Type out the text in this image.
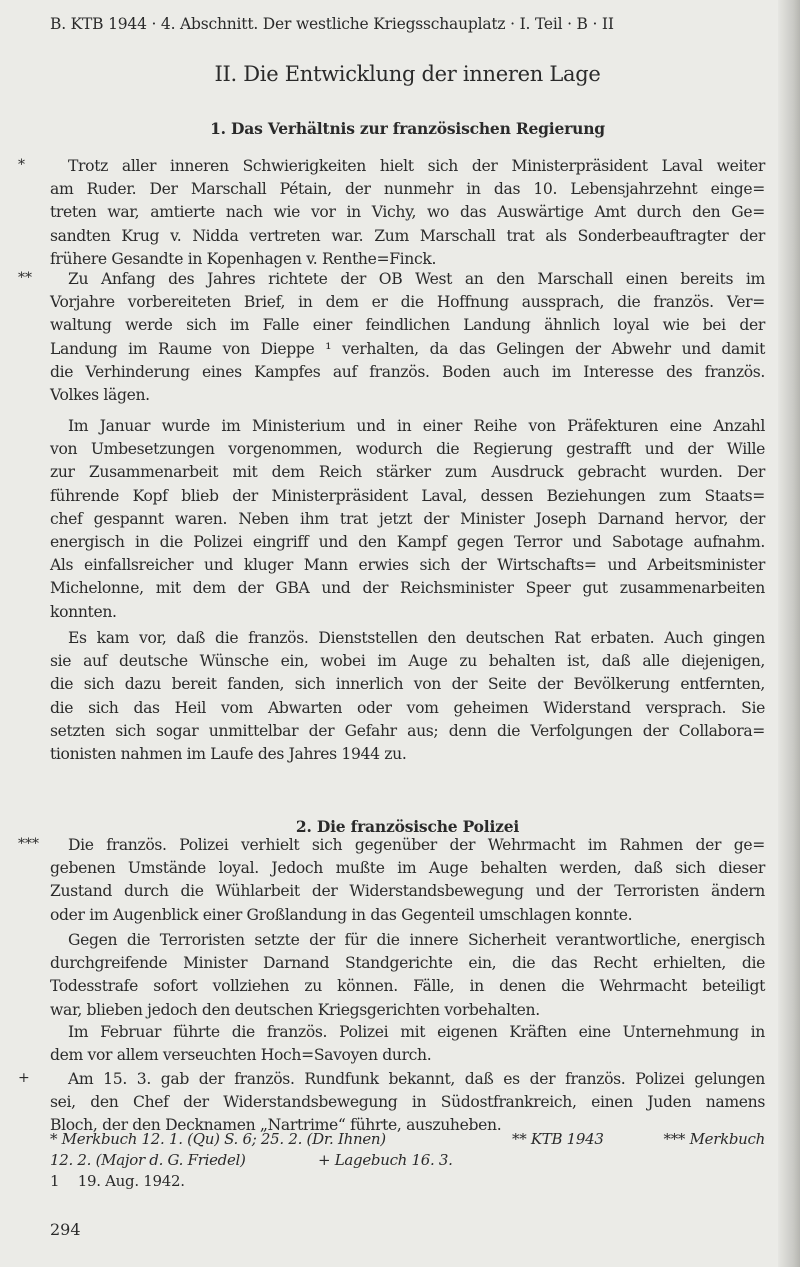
B. KTB 1944 · 4. Abschnitt. Der westliche Kriegsschauplatz · I. Teil · B · II
II. Die Entwicklung der inneren Lage
1. Das Verhältnis zur französischen Regierung
*	Trotz aller inneren Schwierigkeiten hielt sich der Ministerpräsident Laval weiter
am Ruder. Der Marschall Pétain, der nunmehr in das 10. Lebensjahrzehnt einge=
treten war, amtierte nach wie vor in Vichy, wo das Auswärtige Amt durch den Ge=
sandten Krug v. Nidda vertreten war. Zum Marschall trat als Sonderbeauftragter der
frühere Gesandte in Kopenhagen v. Renthe=Finck.
**	Zu Anfang des Jahres richtete der OB West an den Marschall einen bereits im
Vorjahre vorbereiteten Brief, in dem er die Hoffnung aussprach, die französ. Ver=
waltung werde sich im Falle einer feindlichen Landung ähnlich loyal wie bei der
Landung im Raume von Dieppe ¹ verhalten, da das Gelingen der Abwehr und damit
die Verhinderung eines Kampfes auf französ. Boden auch im Interesse des französ.
Volkes lägen.
Im Januar wurde im Ministerium und in einer Reihe von Präfekturen eine Anzahl
von Umbesetzungen vorgenommen, wodurch die Regierung gestrafft und der Wille
zur Zusammenarbeit mit dem Reich stärker zum Ausdruck gebracht wurden. Der
führende Kopf blieb der Ministerpräsident Laval, dessen Beziehungen zum Staats=
chef gespannt waren. Neben ihm trat jetzt der Minister Joseph Darnand hervor, der
energisch in die Polizei eingriff und den Kampf gegen Terror und Sabotage aufnahm.
Als einfallsreicher und kluger Mann erwies sich der Wirtschafts= und Arbeitsminister
Michelonne, mit dem der GBA und der Reichsminister Speer gut zusammenarbeiten
konnten.
Es kam vor, daß die französ. Dienststellen den deutschen Rat erbaten. Auch gingen
sie auf deutsche Wünsche ein, wobei im Auge zu behalten ist, daß alle diejenigen,
die sich dazu bereit fanden, sich innerlich von der Seite der Bevölkerung entfernten,
die sich das Heil vom Abwarten oder vom geheimen Widerstand versprach. Sie
setzten sich sogar unmittelbar der Gefahr aus; denn die Verfolgungen der Collabora=
tionisten nahmen im Laufe des Jahres 1944 zu.
2. Die französische Polizei
***	Die französ. Polizei verhielt sich gegenüber der Wehrmacht im Rahmen der ge=
gebenen Umstände loyal. Jedoch mußte im Auge behalten werden, daß sich dieser
Zustand durch die Wühlarbeit der Widerstandsbewegung und der Terroristen ändern
oder im Augenblick einer Großlandung in das Gegenteil umschlagen konnte.
Gegen die Terroristen setzte der für die innere Sicherheit verantwortliche, energisch
durchgreifende Minister Darnand Standgerichte ein, die das Recht erhielten, die
Todesstrafe sofort vollziehen zu können. Fälle, in denen die Wehrmacht beteiligt
war, blieben jedoch den deutschen Kriegsgerichten vorbehalten.
Im Februar führte die französ. Polizei mit eigenen Kräften eine Unternehmung in
dem vor allem verseuchten Hoch=Savoyen durch.
+	Am 15. 3. gab der französ. Rundfunk bekannt, daß es der französ. Polizei gelungen
sei, den Chef der Widerstandsbewegung in Südostfrankreich, einen Juden namens
Bloch, der den Decknamen „Nartrime“ führte, auszuheben.
* Merkbuch 12. 1. (Qu) S. 6; 25. 2. (Dr. Ihnen)	** KTB 1943	*** Merkbuch
12. 2. (Major d. G. Friedel)	+ Lagebuch 16. 3.
1 19. Aug. 1942.
294
